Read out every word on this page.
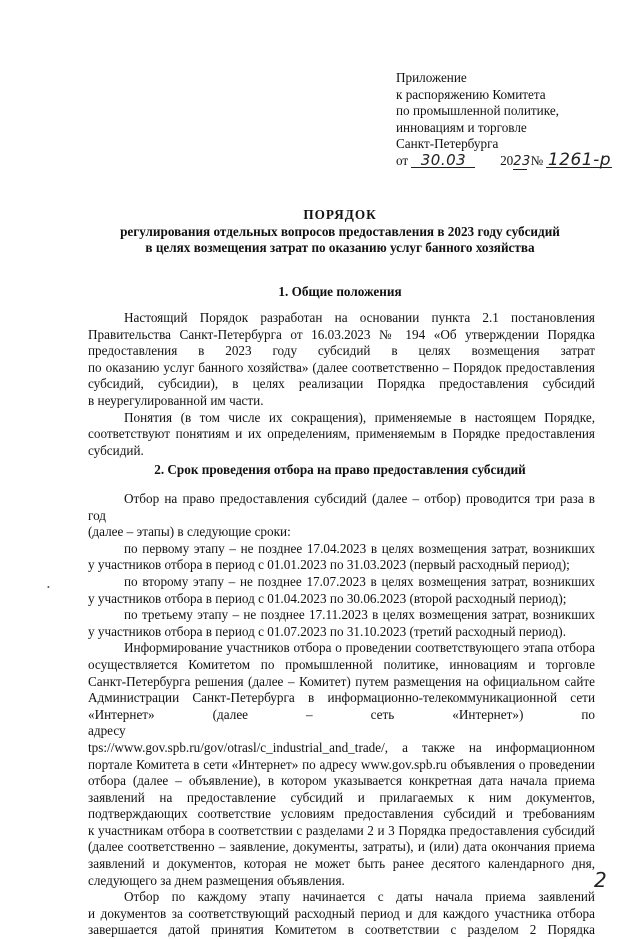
Приложение
к распоряжению Комитета
по промышленной политике,
инновациям и торговле
Санкт-Петербурга
от 30.03	2023 № 1261-р
ПОРЯДОК
регулирования отдельных вопросов предоставления в 2023 году субсидий
в целях возмещения затрат по оказанию услуг банного хозяйства
1. Общие положения
Настоящий Порядок разработан на основании пункта 2.1 постановления
Правительства Санкт-Петербурга от 16.03.2023 № 194 «Об утверждении Порядка
предоставления в 2023 году субсидий в целях возмещения затрат
по оказанию услуг банного хозяйства» (далее соответственно – Порядок предоставления
субсидий, субсидии), в целях реализации Порядка предоставления субсидий
в неурегулированной им части.
Понятия (в том числе их сокращения), применяемые в настоящем Порядке,
соответствуют понятиям и их определениям, применяемым в Порядке предоставления
субсидий.
2. Срок проведения отбора на право предоставления субсидий
Отбор на право предоставления субсидий (далее – отбор) проводится три раза в год
(далее – этапы) в следующие сроки:
по первому этапу – не позднее 17.04.2023 в целях возмещения затрат, возникших
у участников отбора в период с 01.01.2023 по 31.03.2023 (первый расходный период);
по второму этапу – не позднее 17.07.2023 в целях возмещения затрат, возникших
у участников отбора в период с 01.04.2023 по 30.06.2023 (второй расходный период);
по третьему этапу – не позднее 17.11.2023 в целях возмещения затрат, возникших
у участников отбора в период с 01.07.2023 по 31.10.2023 (третий расходный период).
Информирование участников отбора о проведении соответствующего этапа отбора
осуществляется Комитетом по промышленной политике, инновациям и торговле
Санкт-Петербурга решения (далее – Комитет) путем размещения на официальном сайте
Администрации Санкт-Петербурга в информационно-телекоммуникационной сети
«Интернет» (далее – сеть «Интернет») по адресу
tps://www.gov.spb.ru/gov/otrasl/c_industrial_and_trade/, а также на информационном
портале Комитета в сети «Интернет» по адресу www.gov.spb.ru объявления о проведении
отбора (далее – объявление), в котором указывается конкретная дата начала приема
заявлений на предоставление субсидий и прилагаемых к ним документов,
подтверждающих соответствие условиям предоставления субсидий и требованиям
к участникам отбора в соответствии с разделами 2 и 3 Порядка предоставления субсидий
(далее соответственно – заявление, документы, затраты), и (или) дата окончания приема
заявлений и документов, которая не может быть ранее десятого календарного дня,
следующего за днем размещения объявления.
Отбор по каждому этапу начинается с даты начала приема заявлений
и документов за соответствующий расходный период и для каждого участника отбора
завершается датой принятия Комитетом в соответствии с разделом 2 Порядка
•
2
